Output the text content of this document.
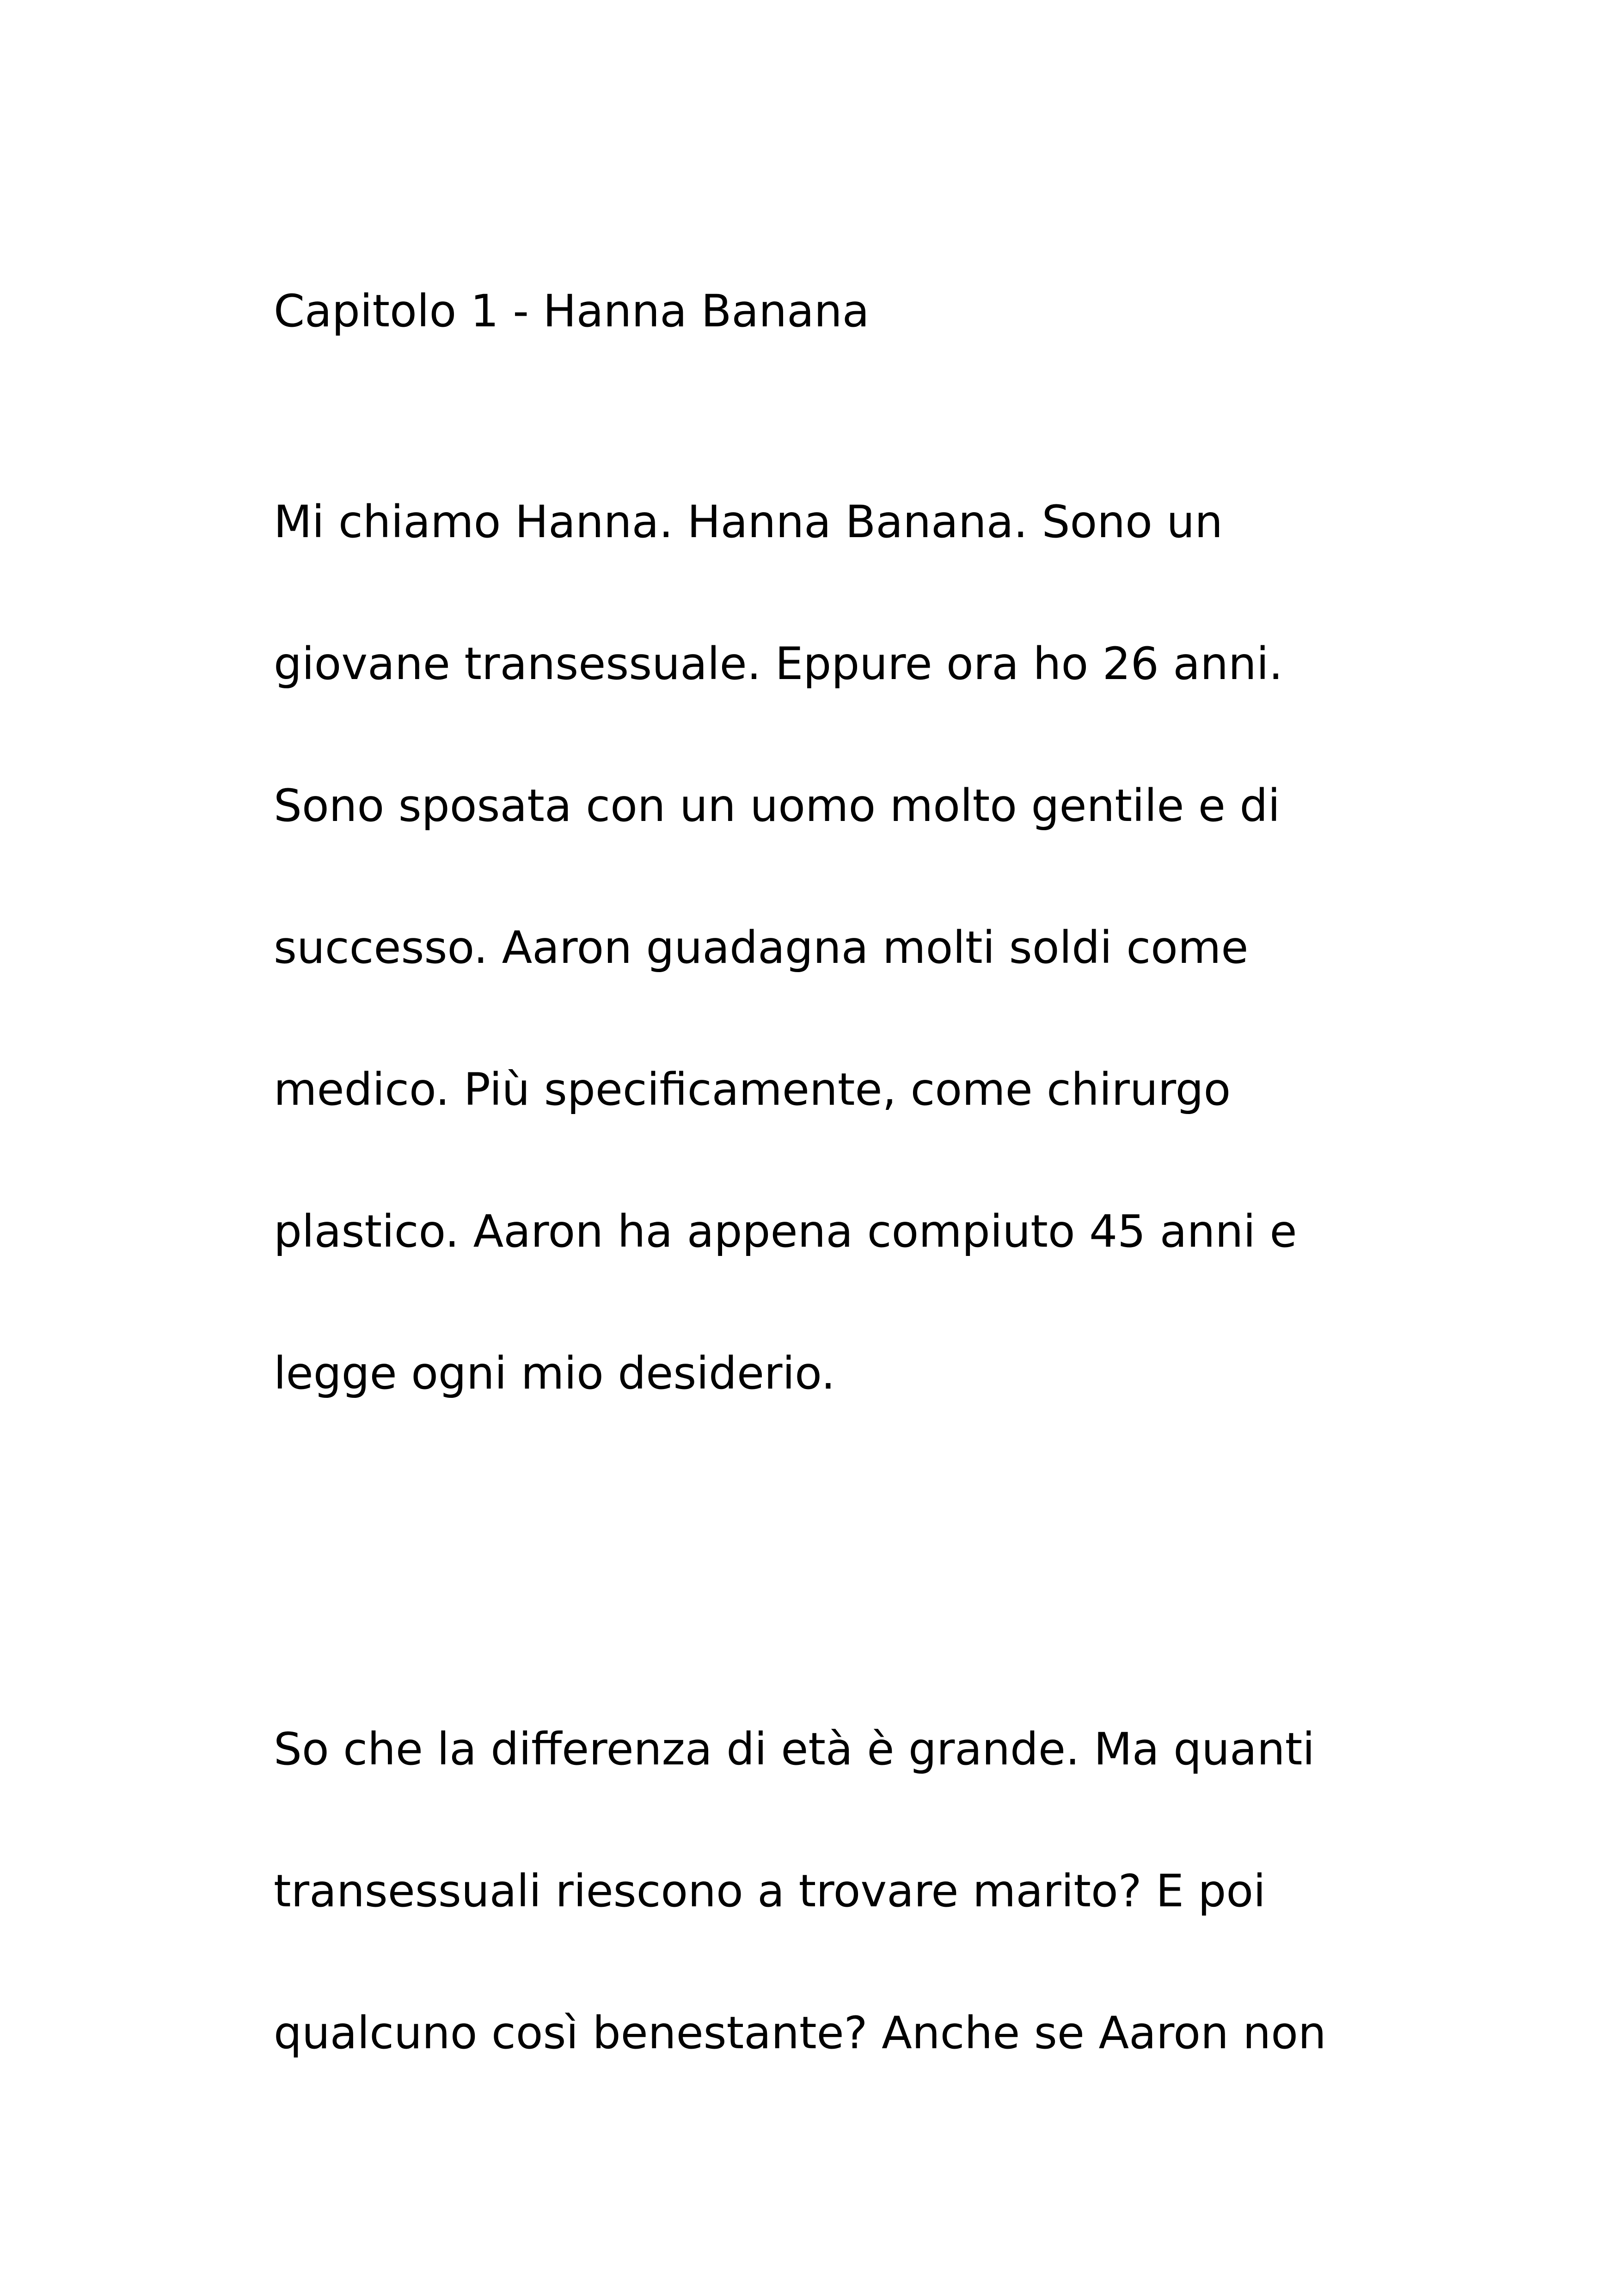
Capitolo 1 - Hanna Banana
Mi chiamo Hanna. Hanna Banana. Sono un
giovane transessuale. Eppure ora ho 26 anni.
Sono sposata con un uomo molto gentile e di
successo. Aaron guadagna molti soldi come
medico. Più specificamente, come chirurgo
plastico. Aaron ha appena compiuto 45 anni e
legge ogni mio desiderio.
So che la differenza di età è grande. Ma quanti
transessuali riescono a trovare marito? E poi
qualcuno così benestante? Anche se Aaron non
